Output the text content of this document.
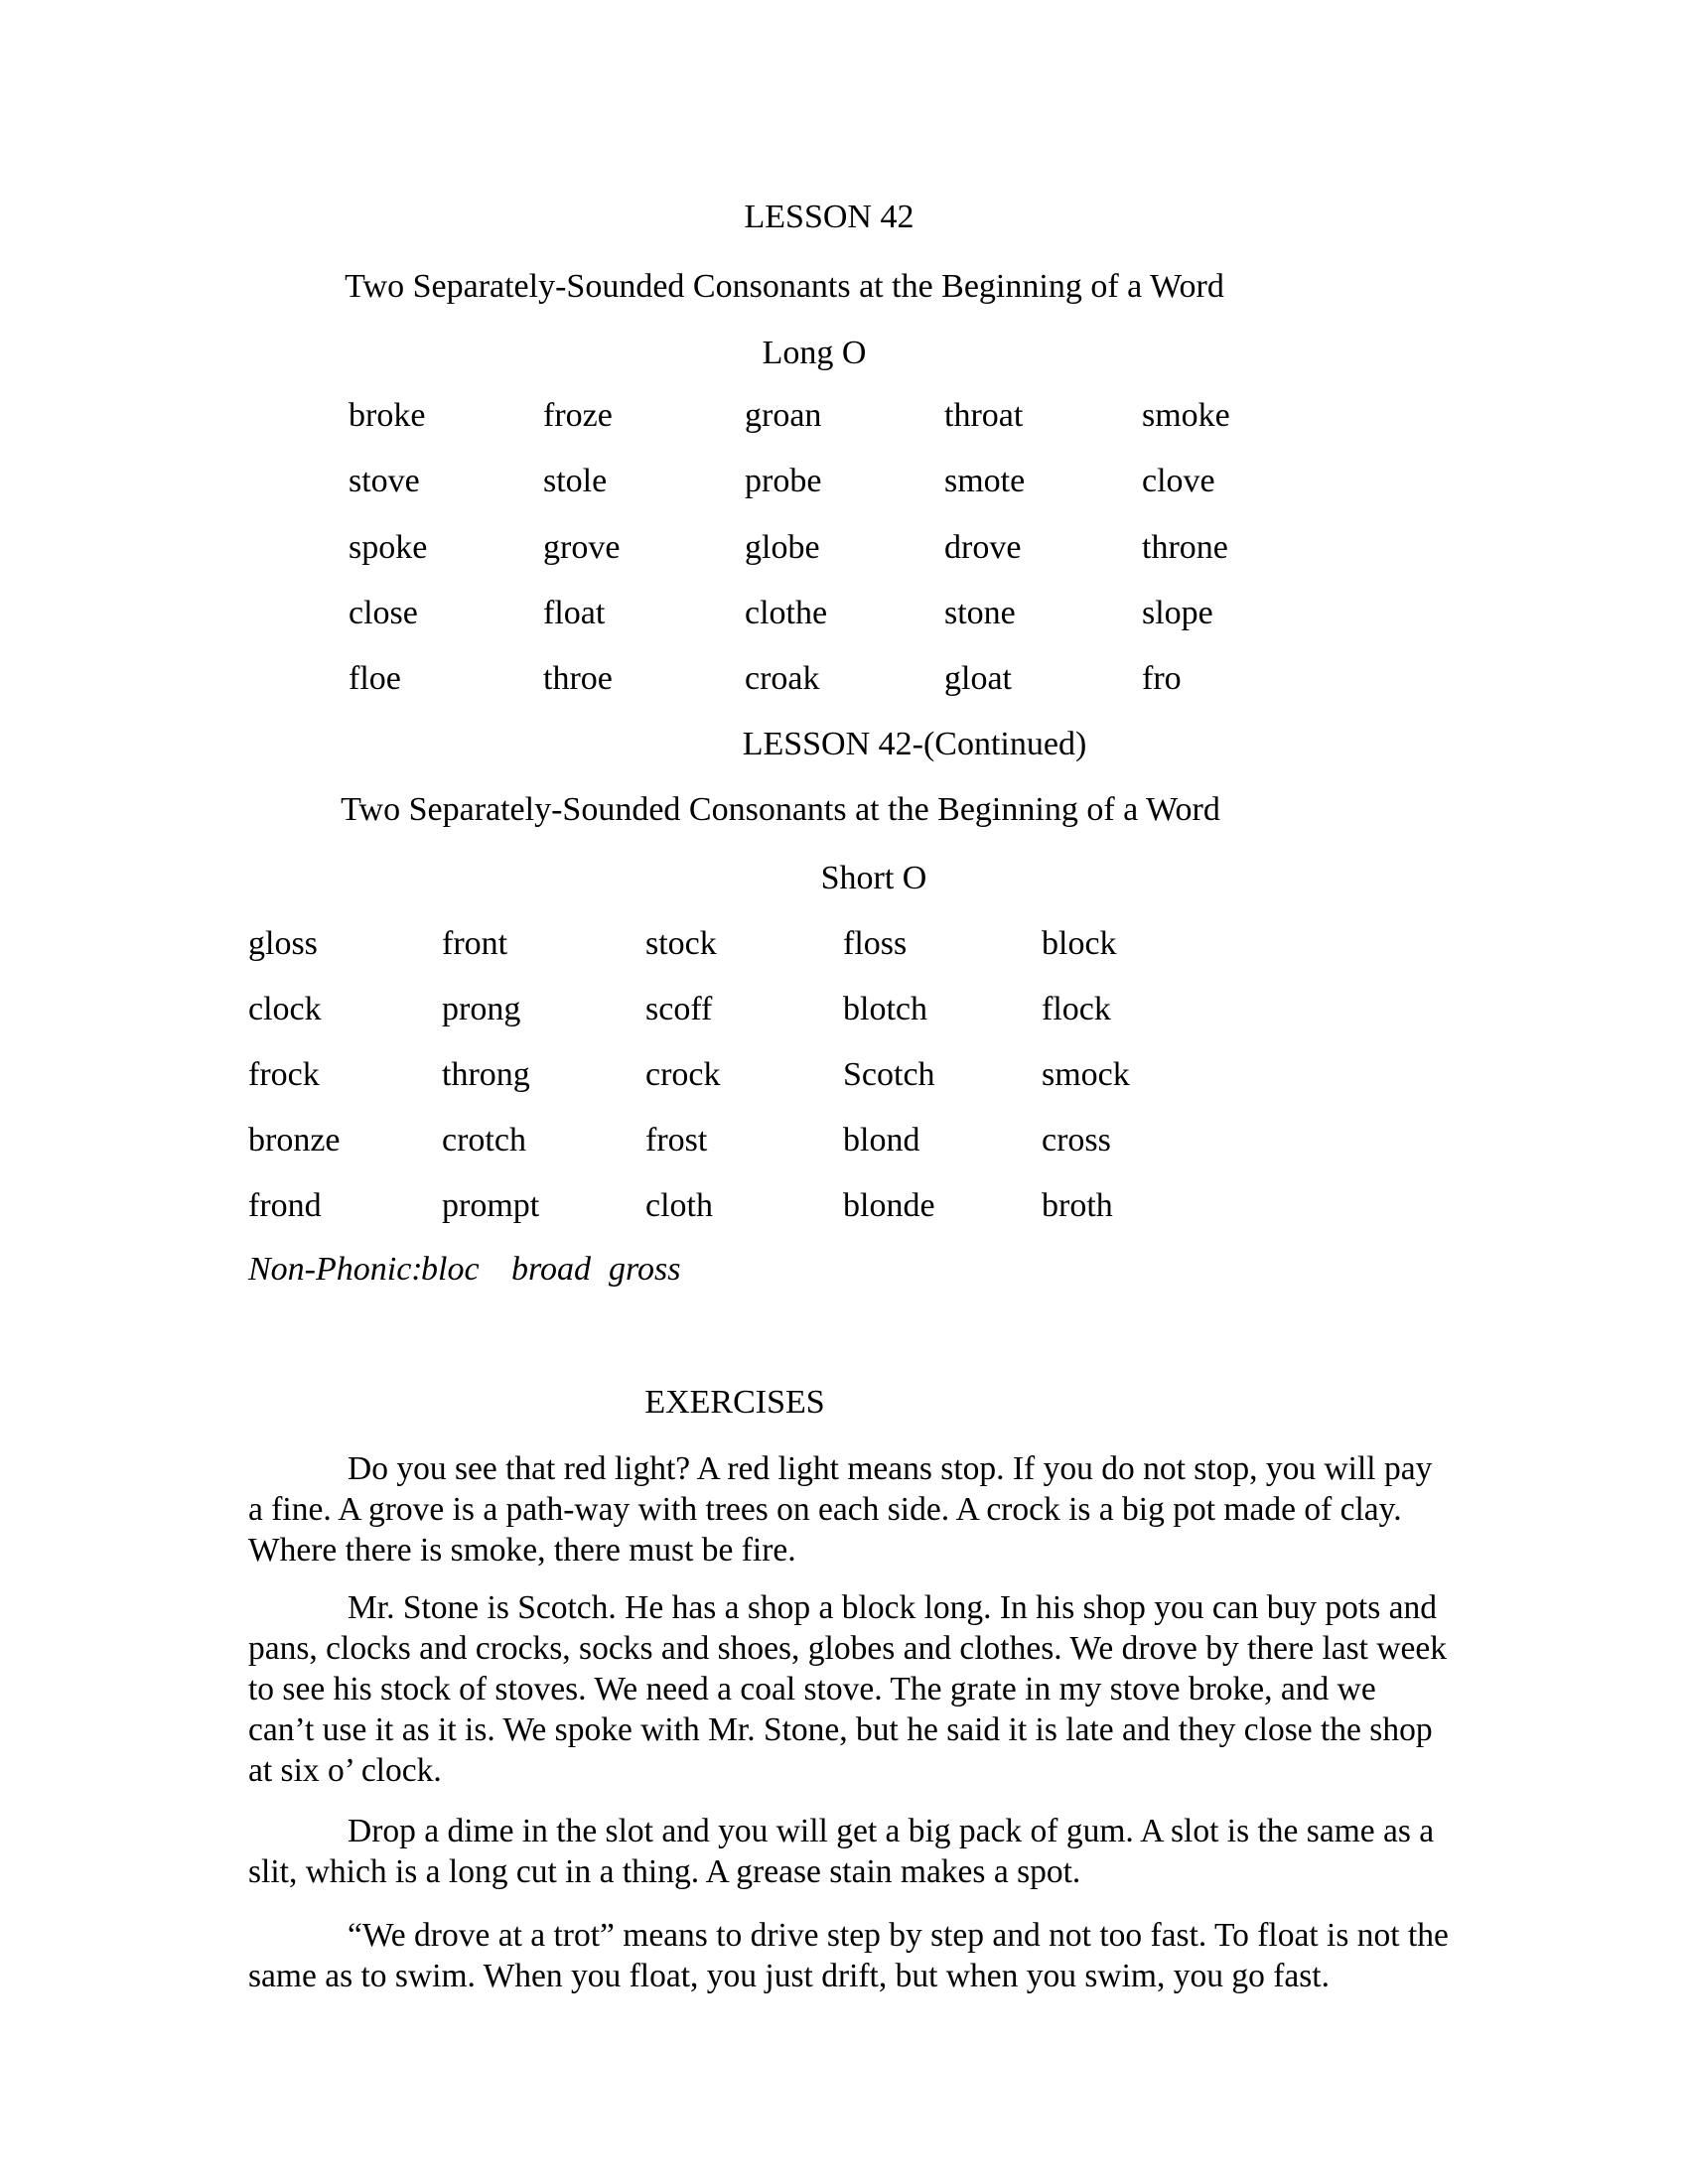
LESSON 42
Two Separately-Sounded Consonants at the Beginning of a Word
Long O
broke	froze	groan	throat	smoke
stove	stole	probe	smote	clove
spoke	grove	globe	drove	throne
close	float	clothe	stone	slope
floe	throe	croak	gloat	fro
LESSON 42-(Continued)
Two Separately-Sounded Consonants at the Beginning of a Word
Short O
gloss	front	stock	floss	block
clock	prong	scoff	blotch	flock
frock	throng	crock	Scotch	smock
bronze	crotch	frost	blond	cross
frond	prompt	cloth	blonde	broth
Non-Phonic:
bloc broad gross
EXERCISES
Do you see that red light? A red light means stop. If you do not stop, you will pay a fine. A grove is a path-way with trees on each side. A crock is a big pot made of clay. Where there is smoke, there must be fire.
Mr. Stone is Scotch. He has a shop a block long. In his shop you can buy pots and pans, clocks and crocks, socks and shoes, globes and clothes. We drove by there last week to see his stock of stoves. We need a coal stove. The grate in my stove broke, and we can’t use it as it is. We spoke with Mr. Stone, but he said it is late and they close the shop at six o’ clock.
Drop a dime in the slot and you will get a big pack of gum. A slot is the same as a slit, which is a long cut in a thing. A grease stain makes a spot.
“We drove at a trot” means to drive step by step and not too fast. To float is not the same as to swim. When you float, you just drift, but when you swim, you go fast.
